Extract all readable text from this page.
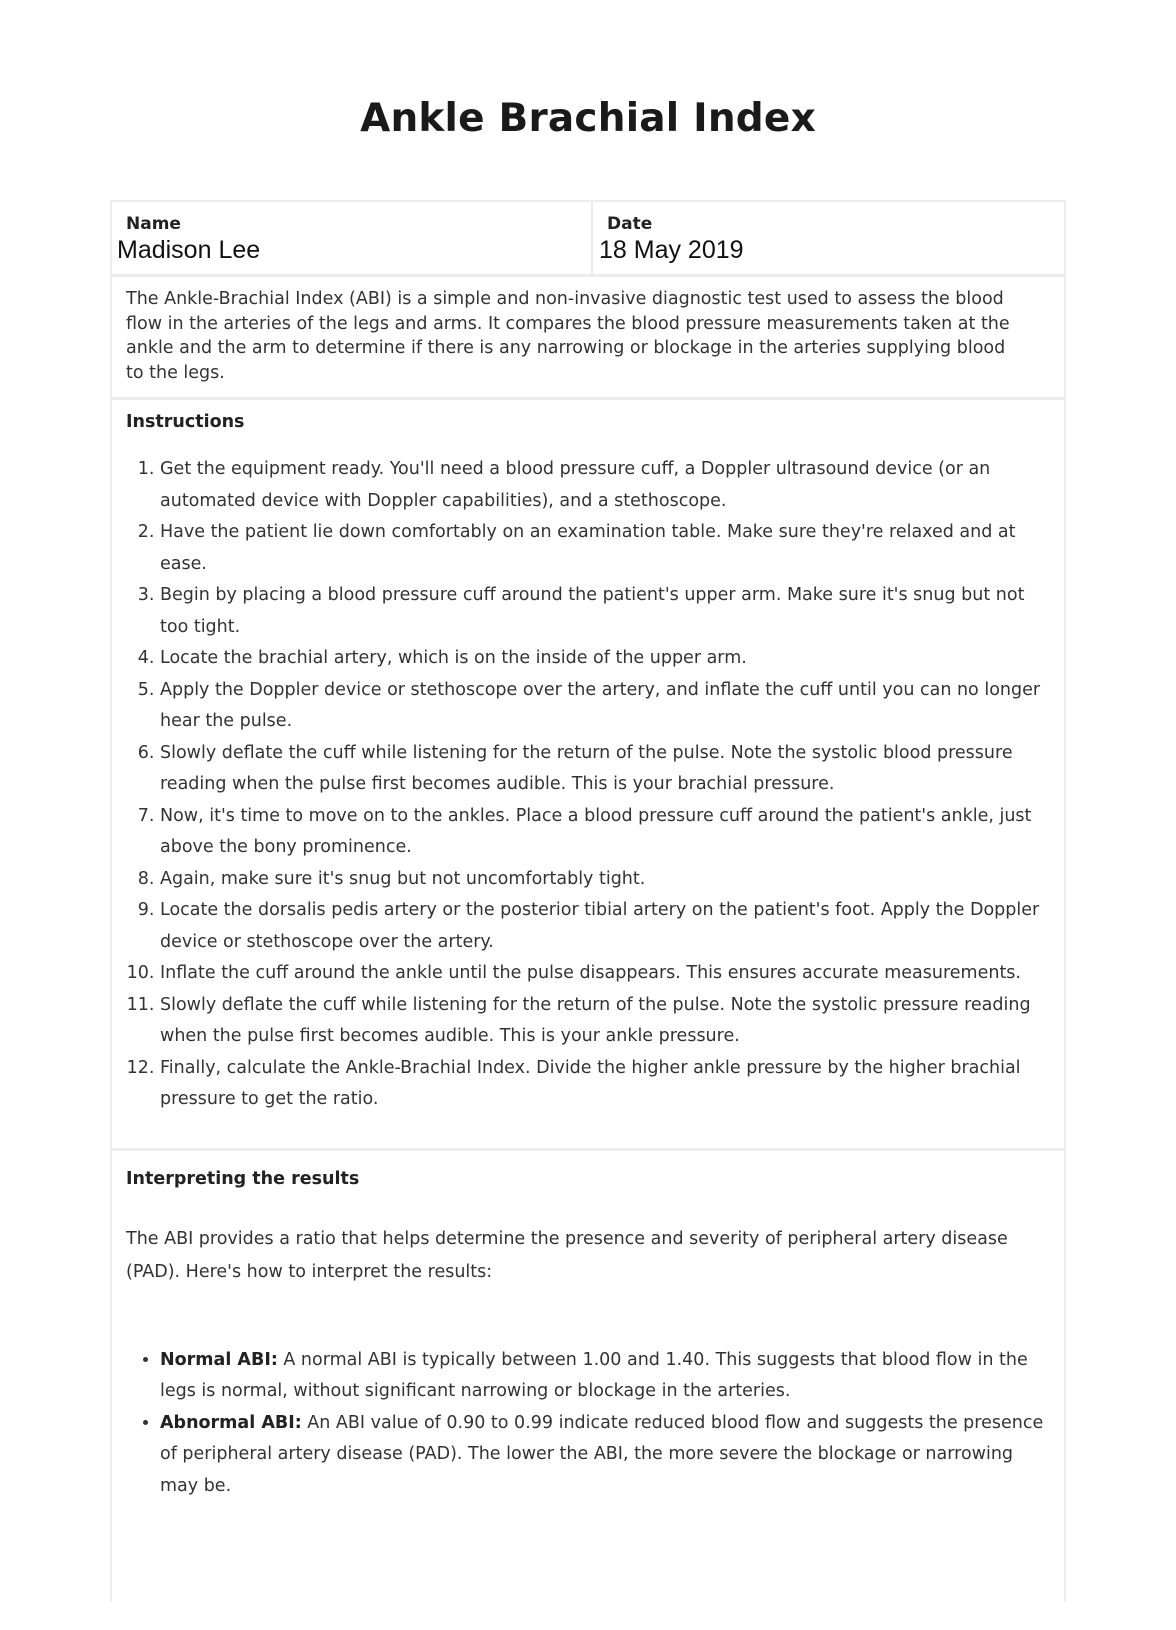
Ankle Brachial Index
Name
Madison Lee
Date
18 May 2019
The Ankle-Brachial Index (ABI) is a simple and non-invasive diagnostic test used to assess the blood flow in the arteries of the legs and arms. It compares the blood pressure measurements taken at the ankle and the arm to determine if there is any narrowing or blockage in the arteries supplying blood to the legs.
Instructions
1. Get the equipment ready. You'll need a blood pressure cuff, a Doppler ultrasound device (or an automated device with Doppler capabilities), and a stethoscope.
2. Have the patient lie down comfortably on an examination table. Make sure they're relaxed and at ease.
3. Begin by placing a blood pressure cuff around the patient's upper arm. Make sure it's snug but not too tight.
4. Locate the brachial artery, which is on the inside of the upper arm.
5. Apply the Doppler device or stethoscope over the artery, and inflate the cuff until you can no longer hear the pulse.
6. Slowly deflate the cuff while listening for the return of the pulse. Note the systolic blood pressure reading when the pulse first becomes audible. This is your brachial pressure.
7. Now, it's time to move on to the ankles. Place a blood pressure cuff around the patient's ankle, just above the bony prominence.
8. Again, make sure it's snug but not uncomfortably tight.
9. Locate the dorsalis pedis artery or the posterior tibial artery on the patient's foot. Apply the Doppler device or stethoscope over the artery.
10. Inflate the cuff around the ankle until the pulse disappears. This ensures accurate measurements.
11. Slowly deflate the cuff while listening for the return of the pulse. Note the systolic pressure reading when the pulse first becomes audible. This is your ankle pressure.
12. Finally, calculate the Ankle-Brachial Index. Divide the higher ankle pressure by the higher brachial pressure to get the ratio.
Interpreting the results

The ABI provides a ratio that helps determine the presence and severity of peripheral artery disease (PAD). Here's how to interpret the results:

• Normal ABI: A normal ABI is typically between 1.00 and 1.40. This suggests that blood flow in the legs is normal, without significant narrowing or blockage in the arteries.
• Abnormal ABI: An ABI value of 0.90 to 0.99 indicate reduced blood flow and suggests the presence of peripheral artery disease (PAD). The lower the ABI, the more severe the blockage or narrowing may be.
